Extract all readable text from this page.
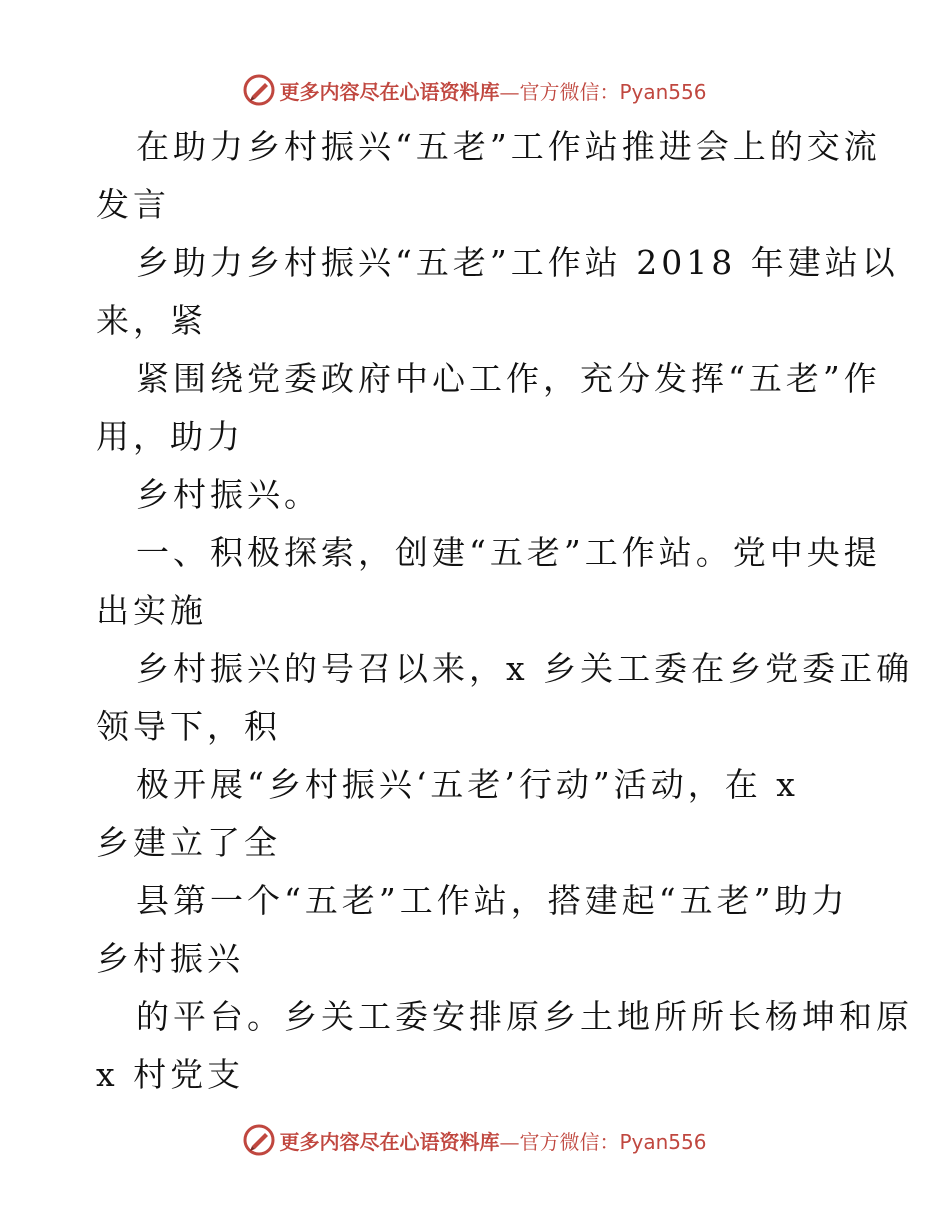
更多内容尽在心语资料库—官方微信：Pyan556
在助力乡村振兴“五老”工作站推进会上的交流
发言
乡助力乡村振兴“五老”工作站 2018 年建站以
来，紧
紧围绕党委政府中心工作，充分发挥“五老”作
用，助力
乡村振兴。
一、积极探索，创建“五老”工作站。党中央提
出实施
乡村振兴的号召以来，x 乡关工委在乡党委正确
领导下，积
极开展“乡村振兴‘五老’行动”活动，在 x
乡建立了全
县第一个“五老”工作站，搭建起“五老”助力
乡村振兴
的平台。乡关工委安排原乡土地所所长杨坤和原
x 村党支
更多内容尽在心语资料库—官方微信：Pyan556
